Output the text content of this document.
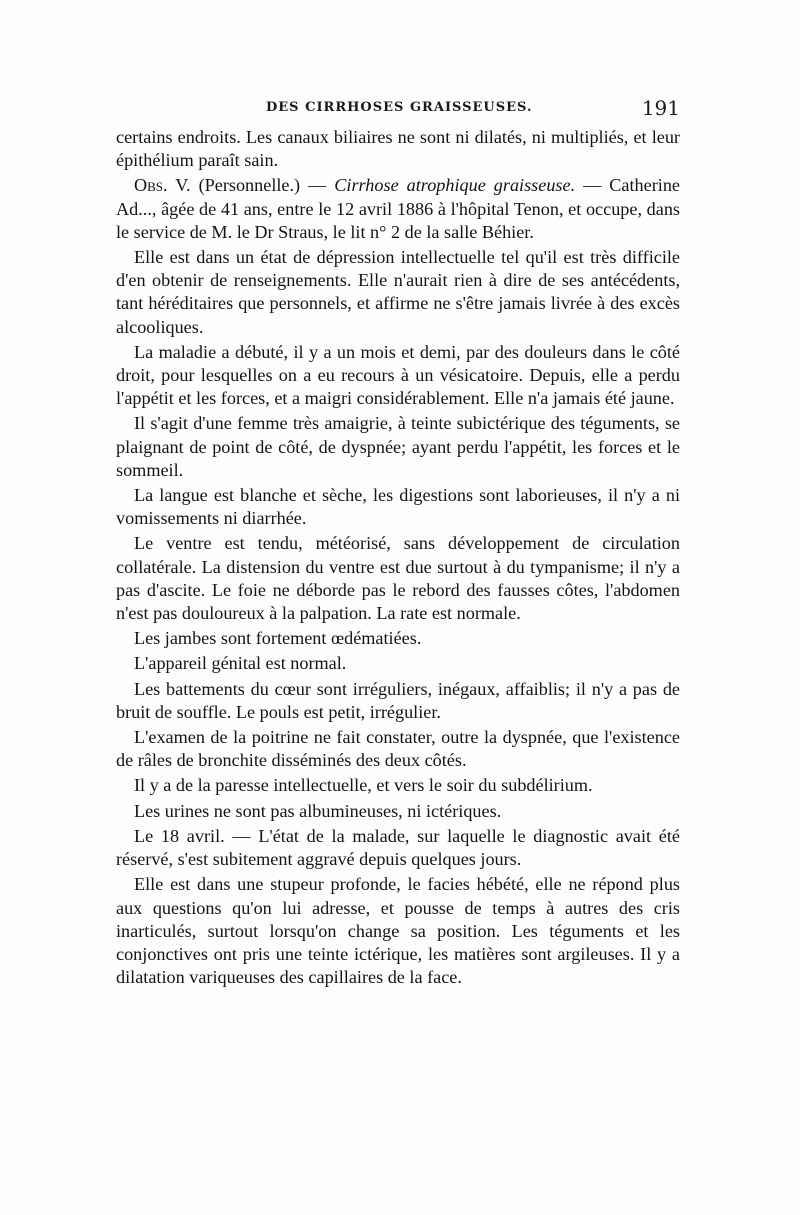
DES CIRRHOSES GRAISSEUSES.	191

certains endroits. Les canaux biliaires ne sont ni dilatés, ni multipliés, et leur épithélium paraît sain.

Obs. V. (Personnelle.) — Cirrhose atrophique graisseuse. — Catherine Ad..., âgée de 41 ans, entre le 12 avril 1886 à l'hôpital Tenon, et occupe, dans le service de M. le Dr Straus, le lit n° 2 de la salle Béhier.

Elle est dans un état de dépression intellectuelle tel qu'il est très difficile d'en obtenir de renseignements. Elle n'aurait rien à dire de ses antécédents, tant héréditaires que personnels, et affirme ne s'être jamais livrée à des excès alcooliques.

La maladie a débuté, il y a un mois et demi, par des douleurs dans le côté droit, pour lesquelles on a eu recours à un vésicatoire. Depuis, elle a perdu l'appétit et les forces, et a maigri considérablement. Elle n'a jamais été jaune.

Il s'agit d'une femme très amaigrie, à teinte subictérique des téguments, se plaignant de point de côté, de dyspnée; ayant perdu l'appétit, les forces et le sommeil.

La langue est blanche et sèche, les digestions sont laborieuses, il n'y a ni vomissements ni diarrhée.

Le ventre est tendu, météorisé, sans développement de circulation collatérale. La distension du ventre est due surtout à du tympanisme; il n'y a pas d'ascite. Le foie ne déborde pas le rebord des fausses côtes, l'abdomen n'est pas douloureux à la palpation. La rate est normale.

Les jambes sont fortement œdématiées.

L'appareil génital est normal.

Les battements du cœur sont irréguliers, inégaux, affaiblis; il n'y a pas de bruit de souffle. Le pouls est petit, irrégulier.

L'examen de la poitrine ne fait constater, outre la dyspnée, que l'existence de râles de bronchite disséminés des deux côtés.

Il y a de la paresse intellectuelle, et vers le soir du subdélirium.

Les urines ne sont pas albumineuses, ni ictériques.

Le 18 avril. — L'état de la malade, sur laquelle le diagnostic avait été réservé, s'est subitement aggravé depuis quelques jours.

Elle est dans une stupeur profonde, le facies hébété, elle ne répond plus aux questions qu'on lui adresse, et pousse de temps à autres des cris inarticulés, surtout lorsqu'on change sa position. Les téguments et les conjonctives ont pris une teinte ictérique, les matières sont argileuses. Il y a dilatation variqueuses des capillaires de la face.
